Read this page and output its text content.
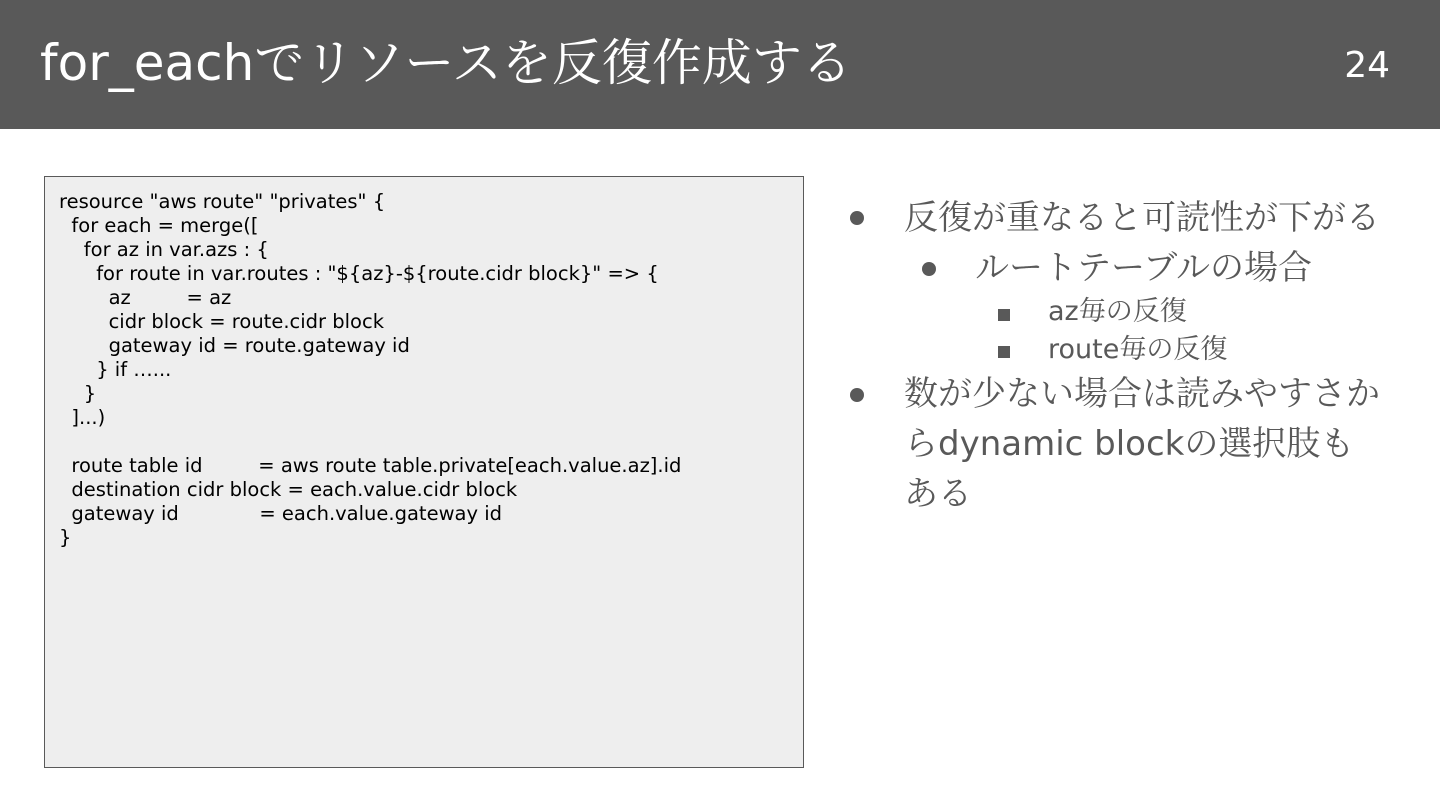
for_eachでリソースを反復作成する	24
resource "aws route" "privates" {
for each = merge([
for az in var.azs : {
for route in var.routes : "${az}-${route.cidr block}" => {
az         = az
cidr block = route.cidr block
gateway id = route.gateway id
} if …...
}
]...)
route table id         = aws route table.private[each.value.az].id
destination cidr block = each.value.cidr block
gateway id             = each.value.gateway id
}
反復が重なると可読性が下がる
ルートテーブルの場合
az毎の反復
route毎の反復
数が少ない場合は読みやすさか
らdynamic blockの選択肢も
ある
